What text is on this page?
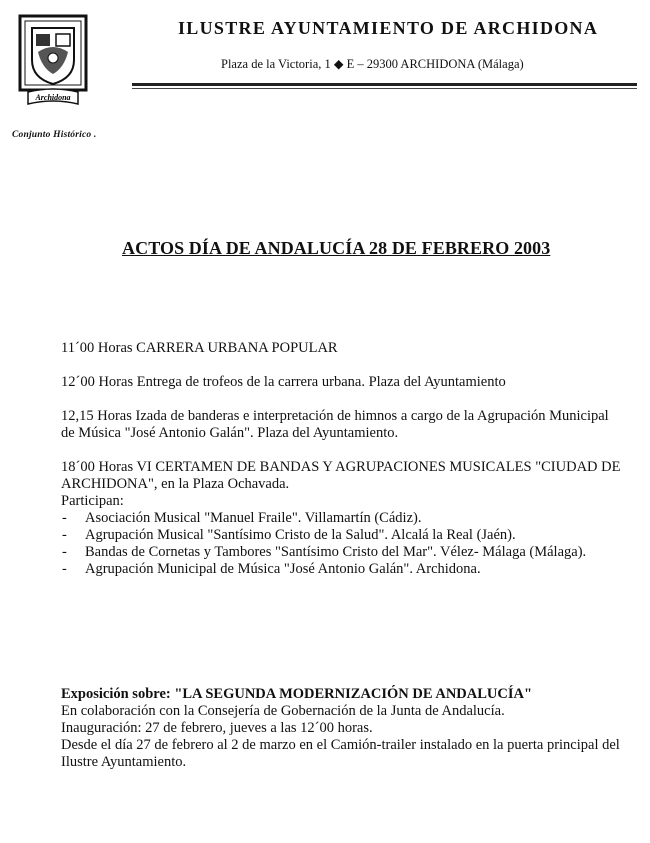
Archidona
Conjunto Histórico .
ILUSTRE AYUNTAMIENTO DE ARCHIDONA
Plaza de la Victoria, 1 ◆ E – 29300 ARCHIDONA (Málaga)
ACTOS DÍA DE ANDALUCÍA 28 DE FEBRERO 2003

11´00 Horas CARRERA URBANA POPULAR

12´00 Horas Entrega de trofeos de la carrera urbana. Plaza del Ayuntamiento

12,15 Horas Izada de banderas e interpretación de himnos a cargo de la Agrupación Municipal de Música "José Antonio Galán". Plaza del Ayuntamiento.

18´00 Horas VI CERTAMEN DE BANDAS Y AGRUPACIONES MUSICALES "CIUDAD DE ARCHIDONA", en la Plaza Ochavada.

Participan:

- Asociación Musical "Manuel Fraile". Villamartín (Cádiz).
- Agrupación Musical "Santísimo Cristo de la Salud". Alcalá la Real (Jaén).
- Bandas de Cornetas y Tambores "Santísimo Cristo del Mar". Vélez- Málaga (Málaga).
- Agrupación Municipal de Música "José Antonio Galán". Archidona.

Exposición sobre: "LA SEGUNDA MODERNIZACIÓN DE ANDALUCÍA"

En colaboración con la Consejería de Gobernación de la Junta de Andalucía.

Inauguración: 27 de febrero, jueves a las 12´00 horas.

Desde el día 27 de febrero al 2 de marzo en el Camión-trailer instalado en la puerta principal del Ilustre Ayuntamiento.
